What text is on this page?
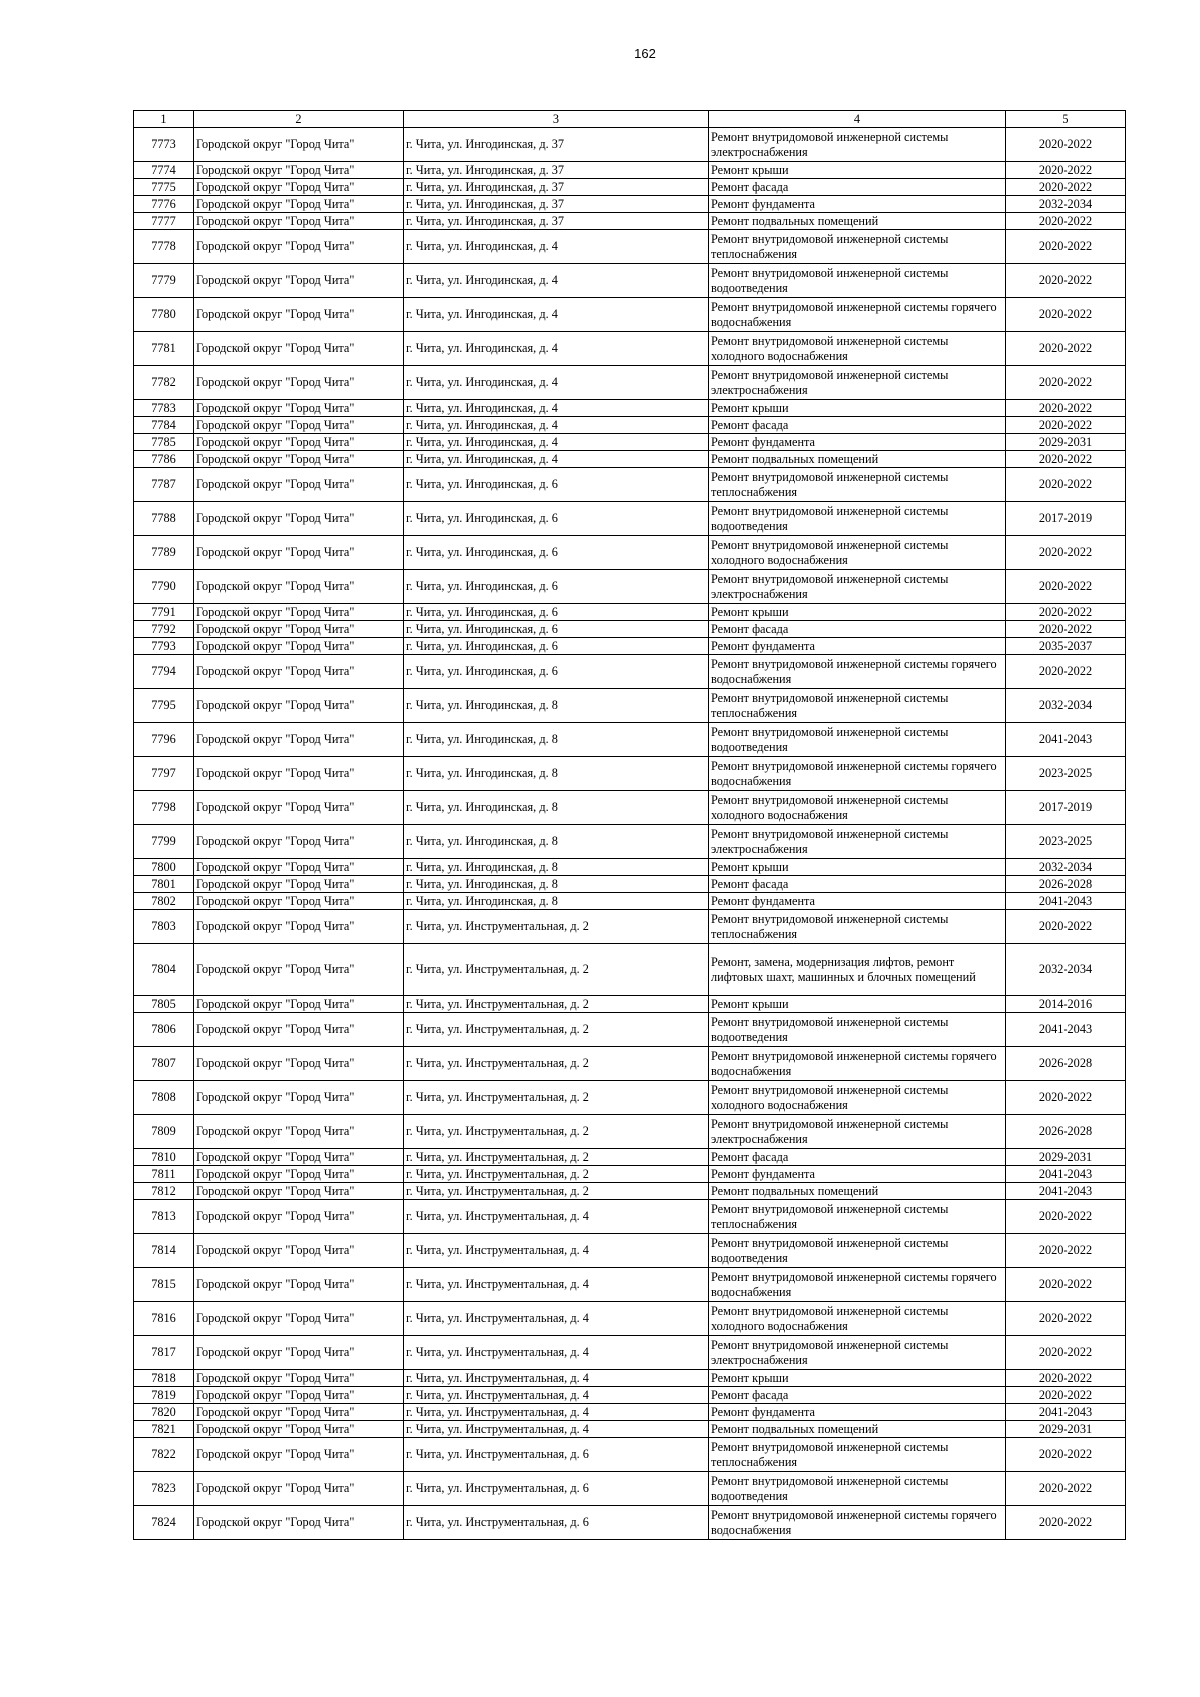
162
1	2	3	4	5
7773	Городской округ "Город Чита"	г. Чита, ул. Ингодинская, д. 37	Ремонт внутридомовой инженерной системы электроснабжения	2020-2022
7774	Городской округ "Город Чита"	г. Чита, ул. Ингодинская, д. 37	Ремонт крыши	2020-2022
7775	Городской округ "Город Чита"	г. Чита, ул. Ингодинская, д. 37	Ремонт фасада	2020-2022
7776	Городской округ "Город Чита"	г. Чита, ул. Ингодинская, д. 37	Ремонт фундамента	2032-2034
7777	Городской округ "Город Чита"	г. Чита, ул. Ингодинская, д. 37	Ремонт подвальных помещений	2020-2022
7778	Городской округ "Город Чита"	г. Чита, ул. Ингодинская, д. 4	Ремонт внутридомовой инженерной системы теплоснабжения	2020-2022
7779	Городской округ "Город Чита"	г. Чита, ул. Ингодинская, д. 4	Ремонт внутридомовой инженерной системы водоотведения	2020-2022
7780	Городской округ "Город Чита"	г. Чита, ул. Ингодинская, д. 4	Ремонт внутридомовой инженерной системы горячего водоснабжения	2020-2022
7781	Городской округ "Город Чита"	г. Чита, ул. Ингодинская, д. 4	Ремонт внутридомовой инженерной системы холодного водоснабжения	2020-2022
7782	Городской округ "Город Чита"	г. Чита, ул. Ингодинская, д. 4	Ремонт внутридомовой инженерной системы электроснабжения	2020-2022
7783	Городской округ "Город Чита"	г. Чита, ул. Ингодинская, д. 4	Ремонт крыши	2020-2022
7784	Городской округ "Город Чита"	г. Чита, ул. Ингодинская, д. 4	Ремонт фасада	2020-2022
7785	Городской округ "Город Чита"	г. Чита, ул. Ингодинская, д. 4	Ремонт фундамента	2029-2031
7786	Городской округ "Город Чита"	г. Чита, ул. Ингодинская, д. 4	Ремонт подвальных помещений	2020-2022
7787	Городской округ "Город Чита"	г. Чита, ул. Ингодинская, д. 6	Ремонт внутридомовой инженерной системы теплоснабжения	2020-2022
7788	Городской округ "Город Чита"	г. Чита, ул. Ингодинская, д. 6	Ремонт внутридомовой инженерной системы водоотведения	2017-2019
7789	Городской округ "Город Чита"	г. Чита, ул. Ингодинская, д. 6	Ремонт внутридомовой инженерной системы холодного водоснабжения	2020-2022
7790	Городской округ "Город Чита"	г. Чита, ул. Ингодинская, д. 6	Ремонт внутридомовой инженерной системы электроснабжения	2020-2022
7791	Городской округ "Город Чита"	г. Чита, ул. Ингодинская, д. 6	Ремонт крыши	2020-2022
7792	Городской округ "Город Чита"	г. Чита, ул. Ингодинская, д. 6	Ремонт фасада	2020-2022
7793	Городской округ "Город Чита"	г. Чита, ул. Ингодинская, д. 6	Ремонт фундамента	2035-2037
7794	Городской округ "Город Чита"	г. Чита, ул. Ингодинская, д. 6	Ремонт внутридомовой инженерной системы горячего водоснабжения	2020-2022
7795	Городской округ "Город Чита"	г. Чита, ул. Ингодинская, д. 8	Ремонт внутридомовой инженерной системы теплоснабжения	2032-2034
7796	Городской округ "Город Чита"	г. Чита, ул. Ингодинская, д. 8	Ремонт внутридомовой инженерной системы водоотведения	2041-2043
7797	Городской округ "Город Чита"	г. Чита, ул. Ингодинская, д. 8	Ремонт внутридомовой инженерной системы горячего водоснабжения	2023-2025
7798	Городской округ "Город Чита"	г. Чита, ул. Ингодинская, д. 8	Ремонт внутридомовой инженерной системы холодного водоснабжения	2017-2019
7799	Городской округ "Город Чита"	г. Чита, ул. Ингодинская, д. 8	Ремонт внутридомовой инженерной системы электроснабжения	2023-2025
7800	Городской округ "Город Чита"	г. Чита, ул. Ингодинская, д. 8	Ремонт крыши	2032-2034
7801	Городской округ "Город Чита"	г. Чита, ул. Ингодинская, д. 8	Ремонт фасада	2026-2028
7802	Городской округ "Город Чита"	г. Чита, ул. Ингодинская, д. 8	Ремонт фундамента	2041-2043
7803	Городской округ "Город Чита"	г. Чита, ул. Инструментальная, д. 2	Ремонт внутридомовой инженерной системы теплоснабжения	2020-2022
7804	Городской округ "Город Чита"	г. Чита, ул. Инструментальная, д. 2	Ремонт, замена, модернизация лифтов, ремонт лифтовых шахт, машинных и блочных помещений	2032-2034
7805	Городской округ "Город Чита"	г. Чита, ул. Инструментальная, д. 2	Ремонт крыши	2014-2016
7806	Городской округ "Город Чита"	г. Чита, ул. Инструментальная, д. 2	Ремонт внутридомовой инженерной системы водоотведения	2041-2043
7807	Городской округ "Город Чита"	г. Чита, ул. Инструментальная, д. 2	Ремонт внутридомовой инженерной системы горячего водоснабжения	2026-2028
7808	Городской округ "Город Чита"	г. Чита, ул. Инструментальная, д. 2	Ремонт внутридомовой инженерной системы холодного водоснабжения	2020-2022
7809	Городской округ "Город Чита"	г. Чита, ул. Инструментальная, д. 2	Ремонт внутридомовой инженерной системы электроснабжения	2026-2028
7810	Городской округ "Город Чита"	г. Чита, ул. Инструментальная, д. 2	Ремонт фасада	2029-2031
7811	Городской округ "Город Чита"	г. Чита, ул. Инструментальная, д. 2	Ремонт фундамента	2041-2043
7812	Городской округ "Город Чита"	г. Чита, ул. Инструментальная, д. 2	Ремонт подвальных помещений	2041-2043
7813	Городской округ "Город Чита"	г. Чита, ул. Инструментальная, д. 4	Ремонт внутридомовой инженерной системы теплоснабжения	2020-2022
7814	Городской округ "Город Чита"	г. Чита, ул. Инструментальная, д. 4	Ремонт внутридомовой инженерной системы водоотведения	2020-2022
7815	Городской округ "Город Чита"	г. Чита, ул. Инструментальная, д. 4	Ремонт внутридомовой инженерной системы горячего водоснабжения	2020-2022
7816	Городской округ "Город Чита"	г. Чита, ул. Инструментальная, д. 4	Ремонт внутридомовой инженерной системы холодного водоснабжения	2020-2022
7817	Городской округ "Город Чита"	г. Чита, ул. Инструментальная, д. 4	Ремонт внутридомовой инженерной системы электроснабжения	2020-2022
7818	Городской округ "Город Чита"	г. Чита, ул. Инструментальная, д. 4	Ремонт крыши	2020-2022
7819	Городской округ "Город Чита"	г. Чита, ул. Инструментальная, д. 4	Ремонт фасада	2020-2022
7820	Городской округ "Город Чита"	г. Чита, ул. Инструментальная, д. 4	Ремонт фундамента	2041-2043
7821	Городской округ "Город Чита"	г. Чита, ул. Инструментальная, д. 4	Ремонт подвальных помещений	2029-2031
7822	Городской округ "Город Чита"	г. Чита, ул. Инструментальная, д. 6	Ремонт внутридомовой инженерной системы теплоснабжения	2020-2022
7823	Городской округ "Город Чита"	г. Чита, ул. Инструментальная, д. 6	Ремонт внутридомовой инженерной системы водоотведения	2020-2022
7824	Городской округ "Город Чита"	г. Чита, ул. Инструментальная, д. 6	Ремонт внутридомовой инженерной системы горячего водоснабжения	2020-2022
